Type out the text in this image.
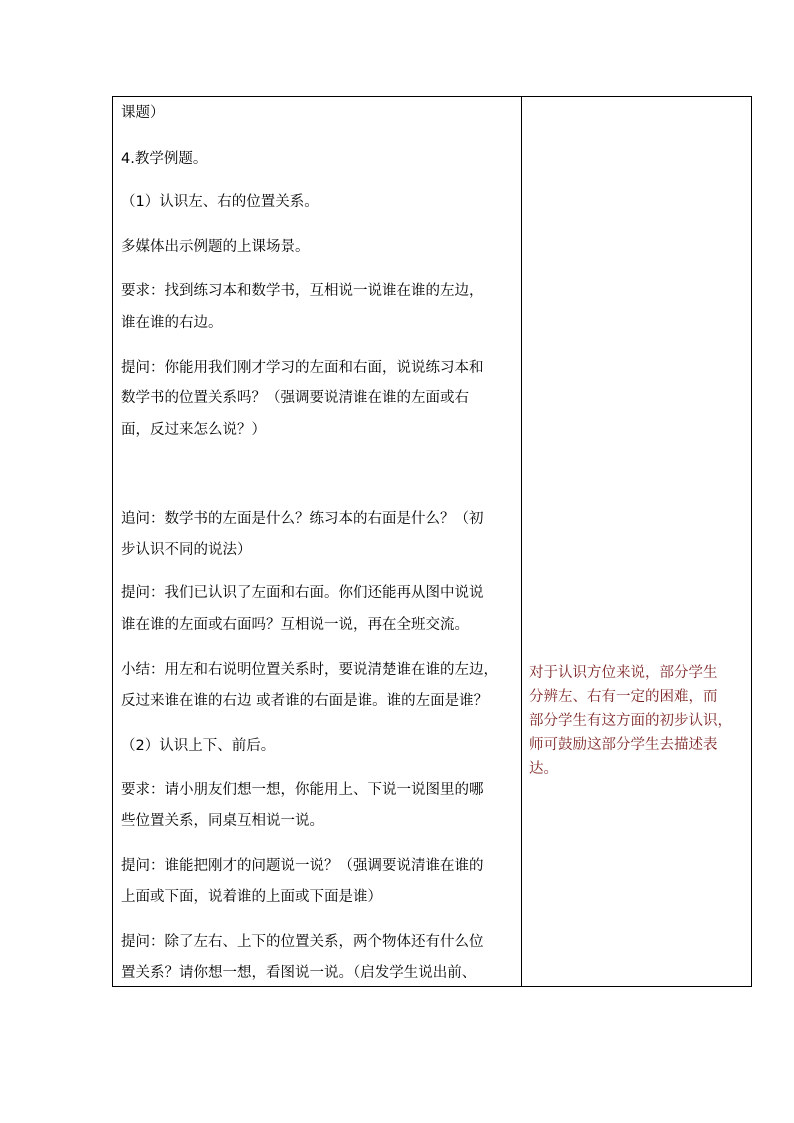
课题）
4.教学例题。
（1）认识左、右的位置关系。
多媒体出示例题的上课场景。
要求：找到练习本和数学书，互相说一说谁在谁的左边，
谁在谁的右边。
提问：你能用我们刚才学习的左面和右面，说说练习本和
数学书的位置关系吗？（强调要说清谁在谁的左面或右
面，反过来怎么说？）
追问：数学书的左面是什么？练习本的右面是什么？（初
步认识不同的说法）
提问：我们已认识了左面和右面。你们还能再从图中说说
谁在谁的左面或右面吗？互相说一说，再在全班交流。
小结：用左和右说明位置关系时，要说清楚谁在谁的左边，
反过来谁在谁的右边 或者谁的右面是谁。谁的左面是谁？
（2）认识上下、前后。
要求：请小朋友们想一想，你能用上、下说一说图里的哪
些位置关系，同桌互相说一说。
提问：谁能把刚才的问题说一说？（强调要说清谁在谁的
上面或下面，说着谁的上面或下面是谁）
提问：除了左右、上下的位置关系，两个物体还有什么位
置关系？请你想一想，看图说一说。（启发学生说出前、
对于认识方位来说，部分学生
分辨左、右有一定的困难，而
部分学生有这方面的初步认识，
师可鼓励这部分学生去描述表
达。
